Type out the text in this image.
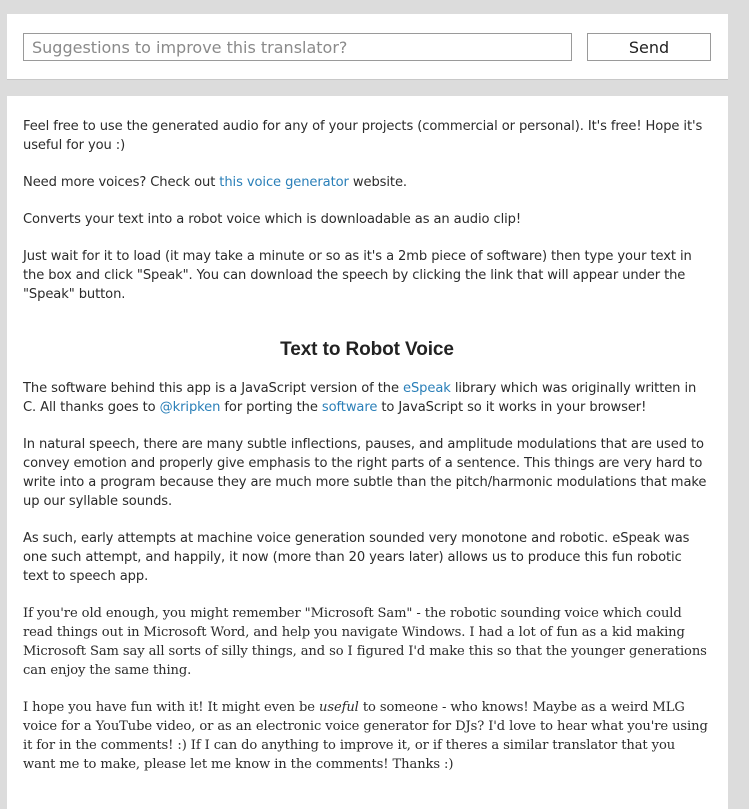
Suggestions to improve this translator?
Send

Feel free to use the generated audio for any of your projects (commercial or personal). It's free! Hope it's useful for you :)

Need more voices? Check out this voice generator website.

Converts your text into a robot voice which is downloadable as an audio clip!

Just wait for it to load (it may take a minute or so as it's a 2mb piece of software) then type your text in the box and click "Speak". You can download the speech by clicking the link that will appear under the "Speak" button.

Text to Robot Voice

The software behind this app is a JavaScript version of the eSpeak library which was originally written in C. All thanks goes to @kripken for porting the software to JavaScript so it works in your browser!

In natural speech, there are many subtle inflections, pauses, and amplitude modulations that are used to convey emotion and properly give emphasis to the right parts of a sentence. This things are very hard to write into a program because they are much more subtle than the pitch/harmonic modulations that make up our syllable sounds.

As such, early attempts at machine voice generation sounded very monotone and robotic. eSpeak was one such attempt, and happily, it now (more than 20 years later) allows us to produce this fun robotic text to speech app.

If you're old enough, you might remember "Microsoft Sam" - the robotic sounding voice which could read things out in Microsoft Word, and help you navigate Windows. I had a lot of fun as a kid making Microsoft Sam say all sorts of silly things, and so I figured I'd make this so that the younger generations can enjoy the same thing.

I hope you have fun with it! It might even be useful to someone - who knows! Maybe as a weird MLG voice for a YouTube video, or as an electronic voice generator for DJs? I'd love to hear what you're using it for in the comments! :) If I can do anything to improve it, or if theres a similar translator that you want me to make, please let me know in the comments! Thanks :)
